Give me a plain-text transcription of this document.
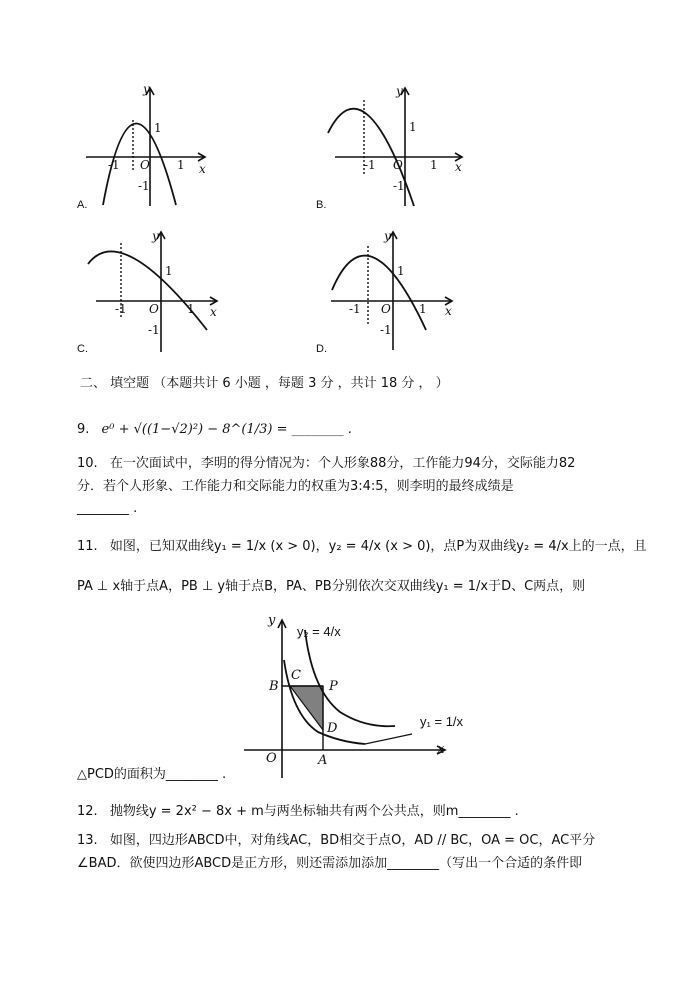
y
x
-1	1
1
-1
O
A.
y
x
-1	1
1
-1
O
B.
y
x
-1	1
1
-1
O
C.
y
x
-1	1
1
-1
O
D.
二、 填空题 （本题共计 6 小题 ，每题 3 分 ，共计 18 分 ， ）
9. e⁰ + √((1−√2)²) − 8^(1/3) = ________ .
10. 在一次面试中，李明的得分情况为：个人形象88分，工作能力94分，交际能力82
分．若个人形象、工作能力和交际能力的权重为3:4:5，则李明的最终成绩是
________ .
11. 如图，已知双曲线y₁ = 1/x (x > 0)，y₂ = 4/x (x > 0)，点P为双曲线y₂ = 4/x上的一点，且
PA ⊥ x轴于点A，PB ⊥ y轴于点B，PA、PB分别依次交双曲线y₁ = 1/x于D、C两点，则
y
x
y₂ = 4/x
y₁ = 1/x
B
C
P
D
O	A
△PCD的面积为________ .
12. 抛物线y = 2x² − 8x + m与两坐标轴共有两个公共点，则m________ .
13. 如图，四边形ABCD中，对角线AC，BD相交于点O，AD // BC，OA = OC，AC平分
∠BAD．欲使四边形ABCD是正方形，则还需添加添加________（写出一个合适的条件即
